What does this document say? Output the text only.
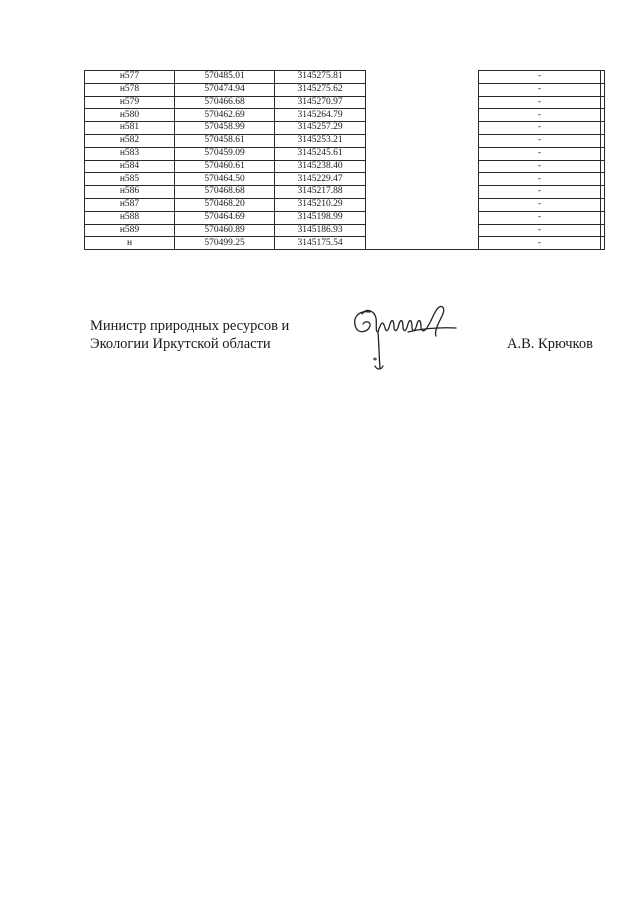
н577	570485.01	3145275.81		-	
н578	570474.94	3145275.62		-	
н579	570466.68	3145270.97		-	
н580	570462.69	3145264.79		-	
н581	570458.99	3145257.29		-	
н582	570458.61	3145253.21		-	
н583	570459.09	3145245.61		-	
н584	570460.61	3145238.40		-	
н585	570464.50	3145229.47		-	
н586	570468.68	3145217.88		-	
н587	570468.20	3145210.29		-	
н588	570464.69	3145198.99		-	
н589	570460.89	3145186.93		-	
н	570499.25	3145175.54		-	
Министр природных ресурсов и
Экологии Иркутской области	А.В. Крючков
